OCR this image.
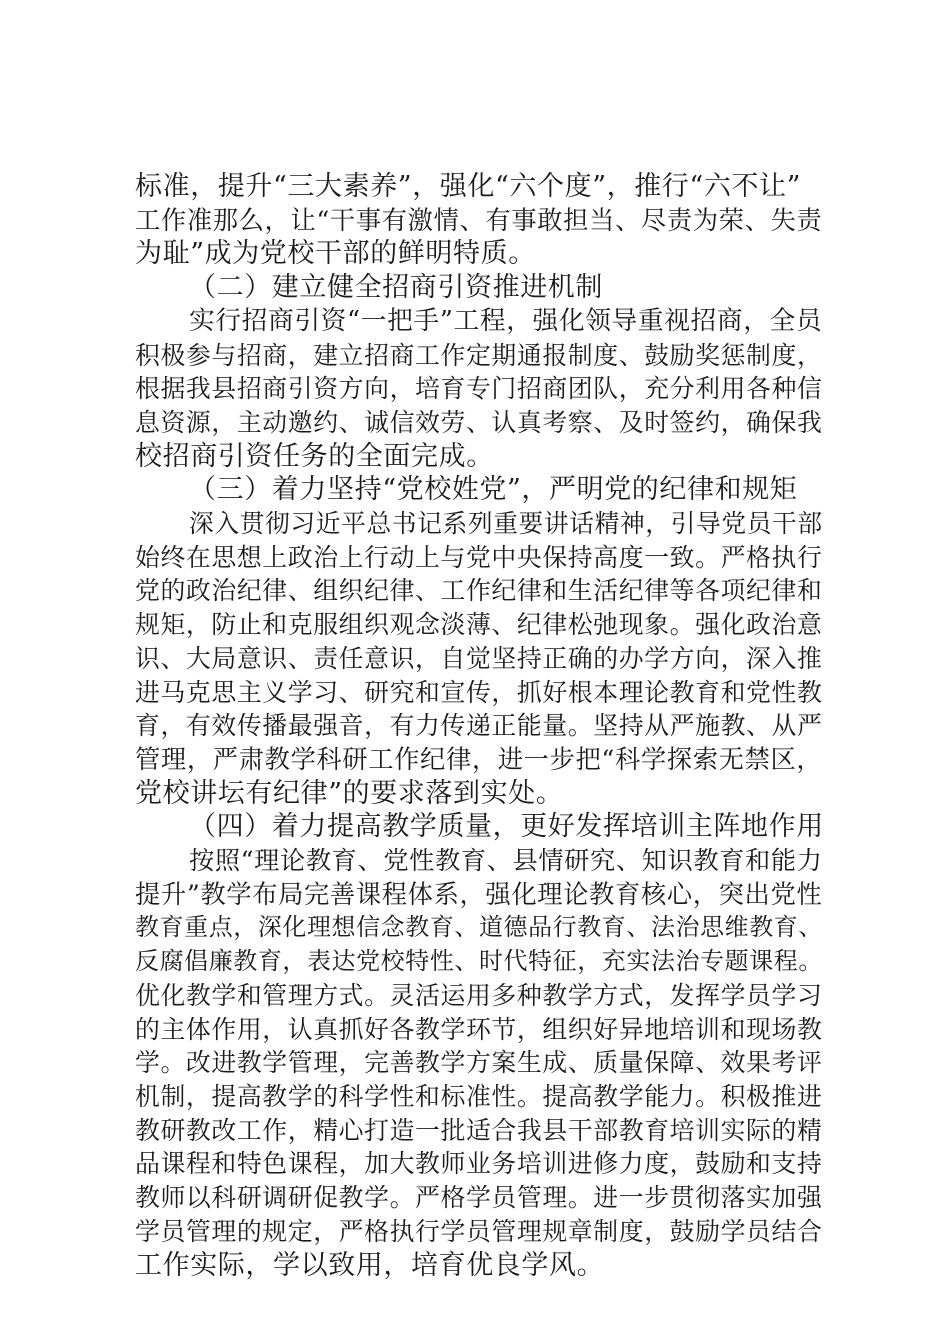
标准，提升“三大素养”，强化“六个度”，推行“六不让”
工作准那么，让“干事有激情、有事敢担当、尽责为荣、失责
为耻”成为党校干部的鲜明特质。
（二）建立健全招商引资推进机制
实行招商引资“一把手”工程，强化领导重视招商，全员
积极参与招商，建立招商工作定期通报制度、鼓励奖惩制度，
根据我县招商引资方向，培育专门招商团队，充分利用各种信
息资源，主动邀约、诚信效劳、认真考察、及时签约，确保我
校招商引资任务的全面完成。
（三）着力坚持“党校姓党”，严明党的纪律和规矩
深入贯彻习近平总书记系列重要讲话精神，引导党员干部
始终在思想上政治上行动上与党中央保持高度一致。严格执行
党的政治纪律、组织纪律、工作纪律和生活纪律等各项纪律和
规矩，防止和克服组织观念淡薄、纪律松弛现象。强化政治意
识、大局意识、责任意识，自觉坚持正确的办学方向，深入推
进马克思主义学习、研究和宣传，抓好根本理论教育和党性教
育，有效传播最强音，有力传递正能量。坚持从严施教、从严
管理，严肃教学科研工作纪律，进一步把“科学探索无禁区，
党校讲坛有纪律”的要求落到实处。
（四）着力提高教学质量，更好发挥培训主阵地作用
按照“理论教育、党性教育、县情研究、知识教育和能力
提升”教学布局完善课程体系，强化理论教育核心，突出党性
教育重点，深化理想信念教育、道德品行教育、法治思维教育、
反腐倡廉教育，表达党校特性、时代特征，充实法治专题课程。
优化教学和管理方式。灵活运用多种教学方式，发挥学员学习
的主体作用，认真抓好各教学环节，组织好异地培训和现场教
学。改进教学管理，完善教学方案生成、质量保障、效果考评
机制，提高教学的科学性和标准性。提高教学能力。积极推进
教研教改工作，精心打造一批适合我县干部教育培训实际的精
品课程和特色课程，加大教师业务培训进修力度，鼓励和支持
教师以科研调研促教学。严格学员管理。进一步贯彻落实加强
学员管理的规定，严格执行学员管理规章制度，鼓励学员结合
工作实际，学以致用，培育优良学风。
